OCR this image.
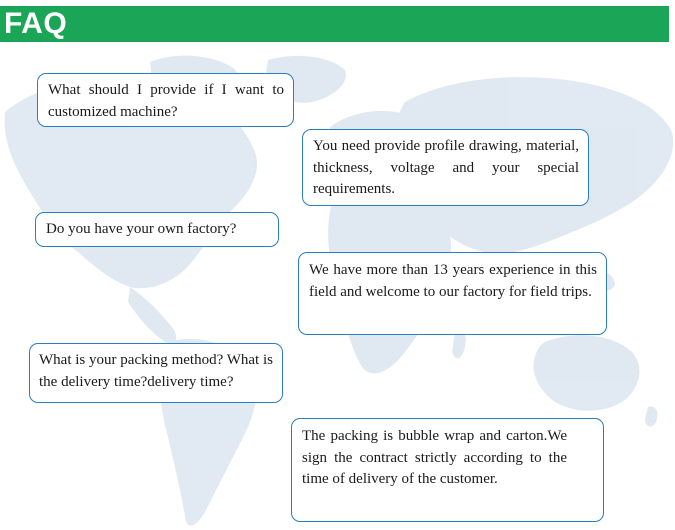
FAQ
What should I provide if I want to customized machine?
You need provide profile drawing, material, thickness, voltage and your special requirements.
Do you have your own factory?
We have more than 13 years experience in this field and welcome to our factory for field trips.
What is your packing method? What is the delivery time?delivery time?
The packing is bubble wrap and carton.We sign the contract strictly according to the time of delivery of the customer.
